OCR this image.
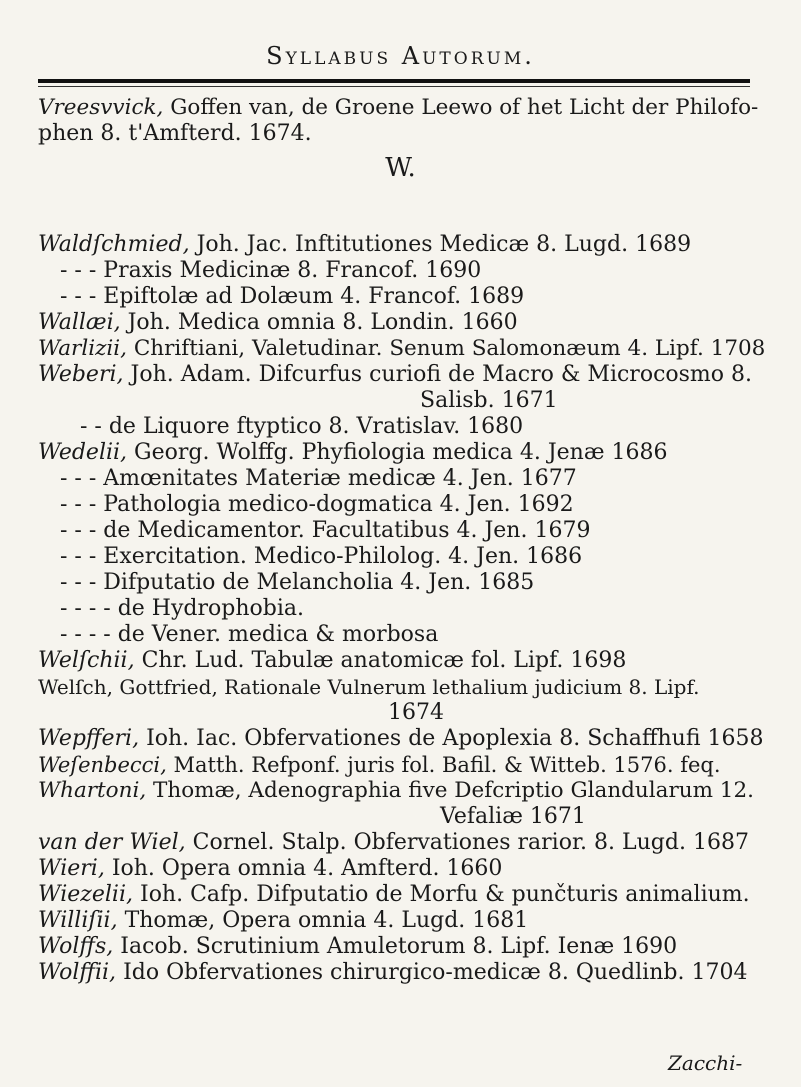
Syllabus Autorum.
Vreesvvick, Goffen van, de Groene Leewo of het Licht der Philofo-
phen 8. t'Amfterd. 1674.
W.
Waldſchmied, Joh. Jac. Inftitutiones Medicæ 8. Lugd. 1689
- - - Praxis Medicinæ 8. Francof. 1690
- - - Epiftolæ ad Dolæum 4. Francof. 1689
Wallæi, Joh. Medica omnia 8. Londin. 1660
Warlizii, Chriftiani, Valetudinar. Senum Salomonæum 4. Lipf. 1708
Weberi, Joh. Adam. Difcurfus curiofi de Macro & Microcosmo 8.
Salisb. 1671
- - de Liquore ftyptico 8. Vratislav. 1680
Wedelii, Georg. Wolffg. Phyfiologia medica 4. Jenæ 1686
- - - Amœnitates Materiæ medicæ 4. Jen. 1677
- - - Pathologia medico-dogmatica 4. Jen. 1692
- - - de Medicamentor. Facultatibus 4. Jen. 1679
- - - Exercitation. Medico-Philolog. 4. Jen. 1686
- - - Difputatio de Melancholia 4. Jen. 1685
- - - - de Hydrophobia.
- - - - de Vener. medica & morbosa
Welſchii, Chr. Lud. Tabulæ anatomicæ fol. Lipf. 1698
Welſch, Gottfried, Rationale Vulnerum lethalium judicium 8. Lipf.
1674
Wepfferi, Ioh. Iac. Obfervationes de Apoplexia 8. Schaffhufi 1658
Weſenbecci, Matth. Refponf. juris fol. Bafil. & Witteb. 1576. feq.
Whartoni, Thomæ, Adenographia five Defcriptio Glandularum 12.
Vefaliæ 1671
van der Wiel, Cornel. Stalp. Obfervationes rarior. 8. Lugd. 1687
Wieri, Ioh. Opera omnia 4. Amfterd. 1660
Wiezelii, Ioh. Cafp. Difputatio de Morfu & punčturis animalium.
Williſii, Thomæ, Opera omnia 4. Lugd. 1681
Wolffs, Iacob. Scrutinium Amuletorum 8. Lipf. Ienæ 1690
Wolffii, Ido Obfervationes chirurgico-medicæ 8. Quedlinb. 1704
Zacchi-
